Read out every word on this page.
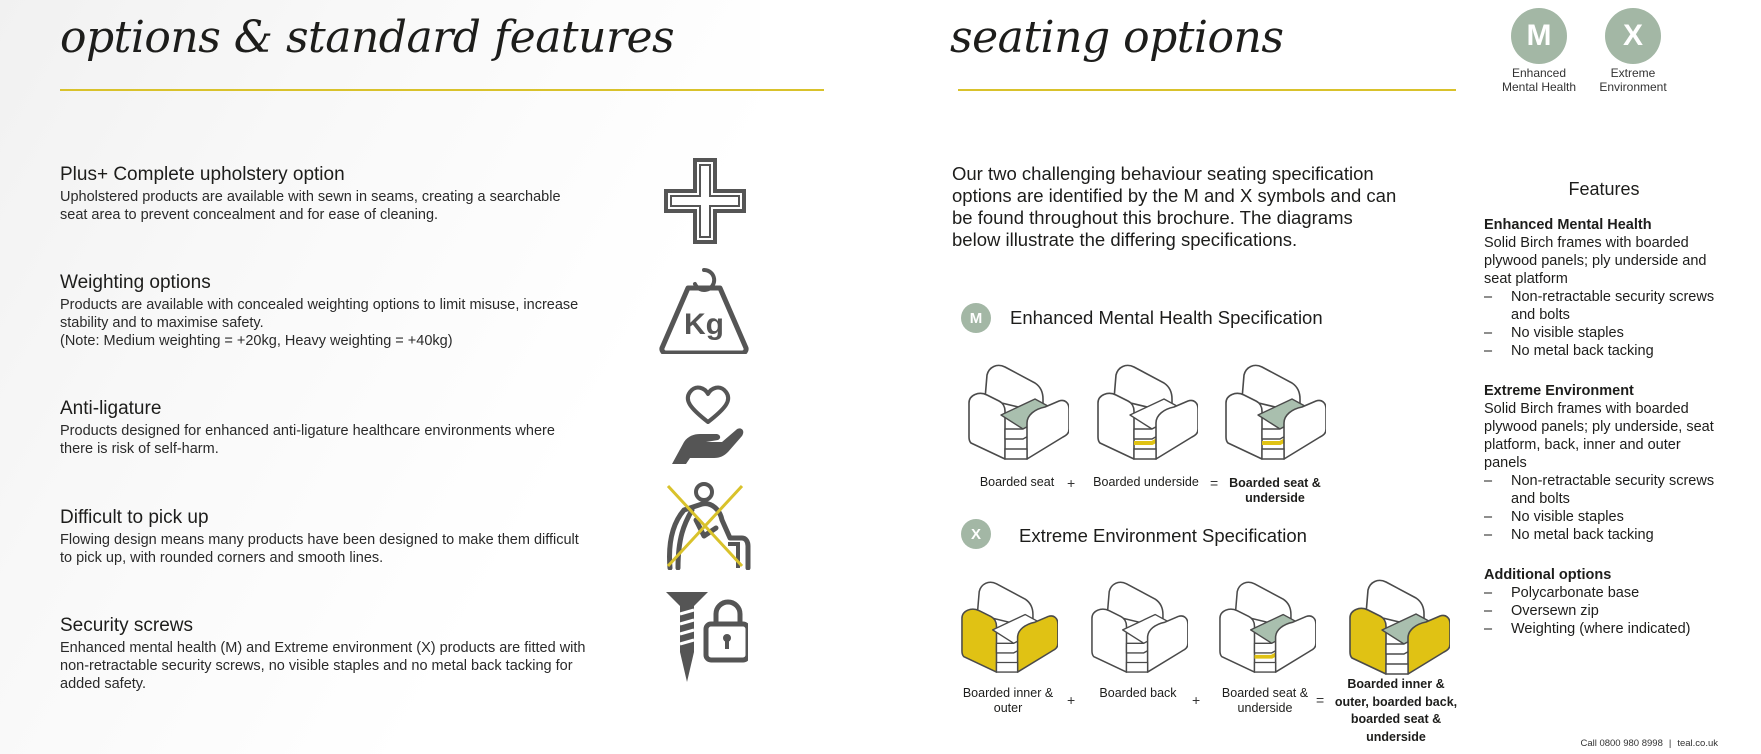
options & standard features
Plus+ Complete upholstery option

Upholstered products are available with sewn in seams, creating a searchable seat area to prevent concealment and for ease of cleaning.

Weighting options

Products are available with concealed weighting options to limit misuse, increase stability and to maximise safety.
(Note: Medium weighting = +20kg, Heavy weighting = +40kg)

Anti-ligature

Products designed for enhanced anti-ligature healthcare environments where there is risk of self-harm.

Difficult to pick up

Flowing design means many products have been designed to make them difficult to pick up, with rounded corners and smooth lines.

Security screws

Enhanced mental health (M) and Extreme environment (X) products are fitted with non-retractable security screws, no visible staples and no metal back tacking for added safety.

Kg
seating options	M
Enhanced
Mental Health
X
Extreme
Environment

Our two challenging behaviour seating specification options are identified by the M and X symbols and can be found throughout this brochure. The diagrams below illustrate the differing specifications.

M	Enhanced Mental Health Specification
Boarded seat +	Boarded underside = Boarded seat &
underside
X	Extreme Environment Specification
Boarded inner &
outer	+	Boarded back	+	Boarded seat &
underside	=
Boarded inner &
outer, boarded back,
boarded seat &
underside
Features
Enhanced Mental Health

Solid Birch frames with boarded plywood panels; ply underside and seat platform

– Non-retractable security screws and bolts
– No visible staples
– No metal back tacking
Extreme Environment

Solid Birch frames with boarded plywood panels; ply underside, seat platform, back, inner and outer panels

– Non-retractable security screws and bolts
– No visible staples
– No metal back tacking
Additional options
– Polycarbonate base
– Oversewn zip
– Weighting (where indicated)
Call 0800 980 8998 | teal.co.uk
